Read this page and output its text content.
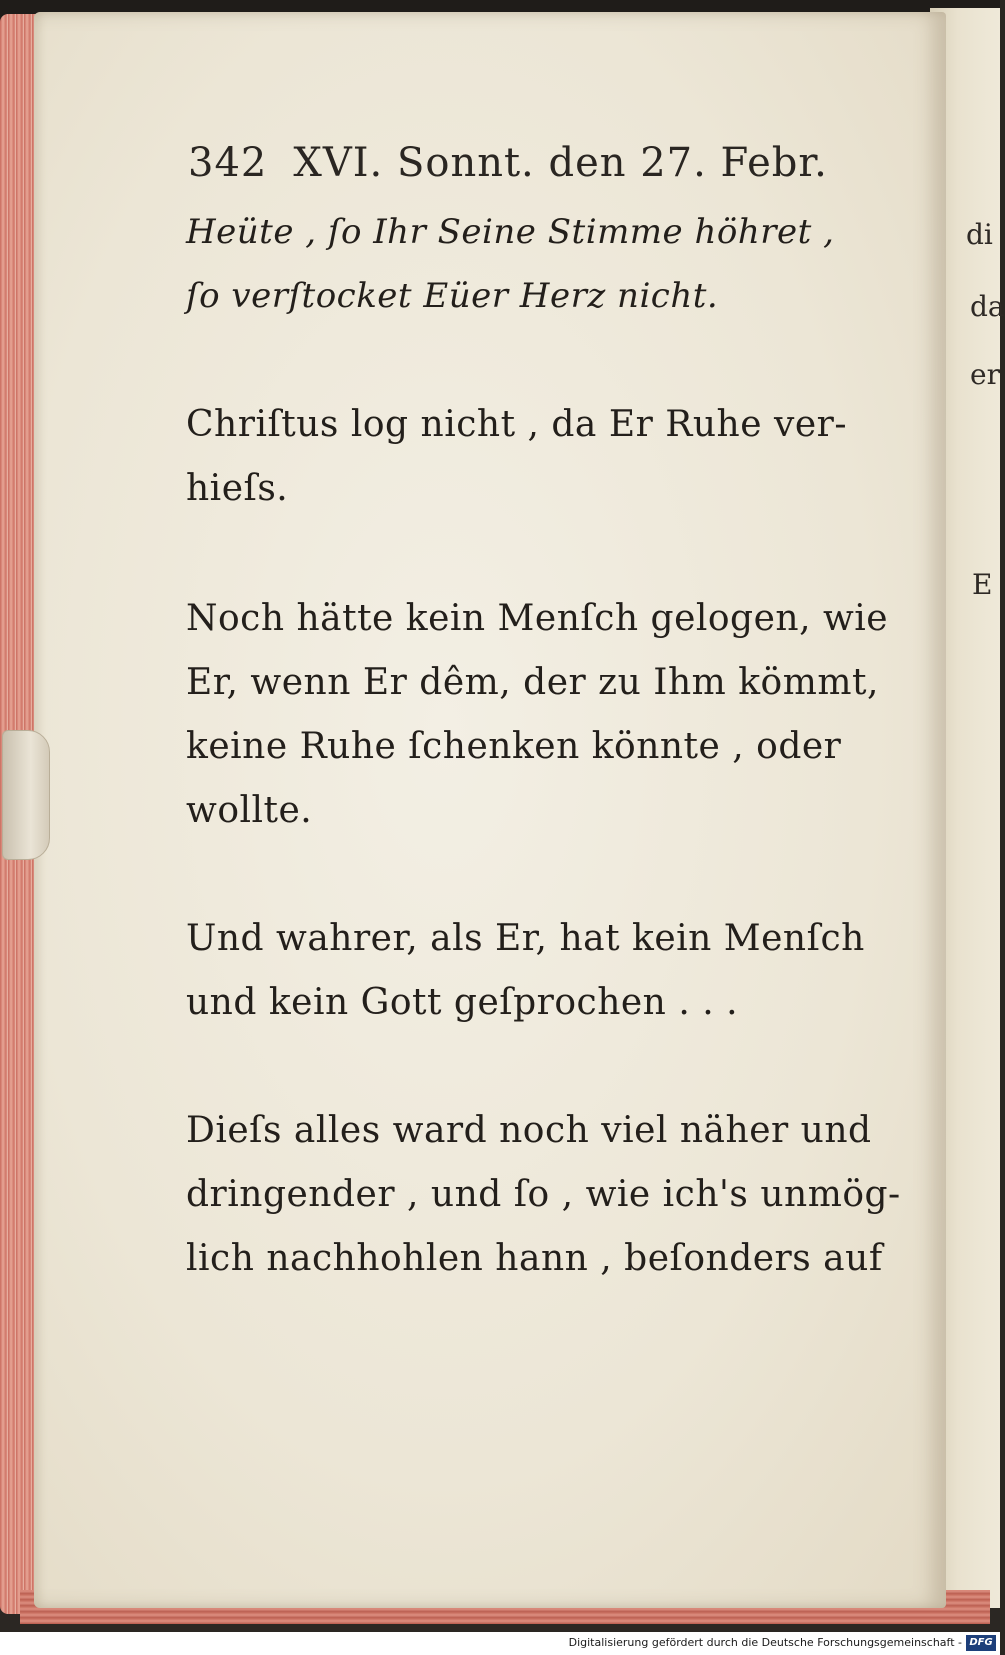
342 XVI. Sonnt. den 27. Febr.
Heüte , ſo Ihr Seine Stimme höhret ,
ſo verſtocket Eüer Herz nicht.
Chriſtus log nicht , da Er Ruhe ver-
hieſs.
Noch hätte kein Menſch gelogen, wie
Er, wenn Er dêm, der zu Ihm kömmt,
keine Ruhe ſchenken könnte , oder
wollte.
Und wahrer, als Er, hat kein Menſch
und kein Gott geſprochen . . .
Dieſs alles ward noch viel näher und
dringender , und ſo , wie ich's unmög-
lich nachhohlen hann , beſonders auf
di
da
er
E
Digitalisierung gefördert durch die Deutsche Forschungsgemeinschaft - DFG
